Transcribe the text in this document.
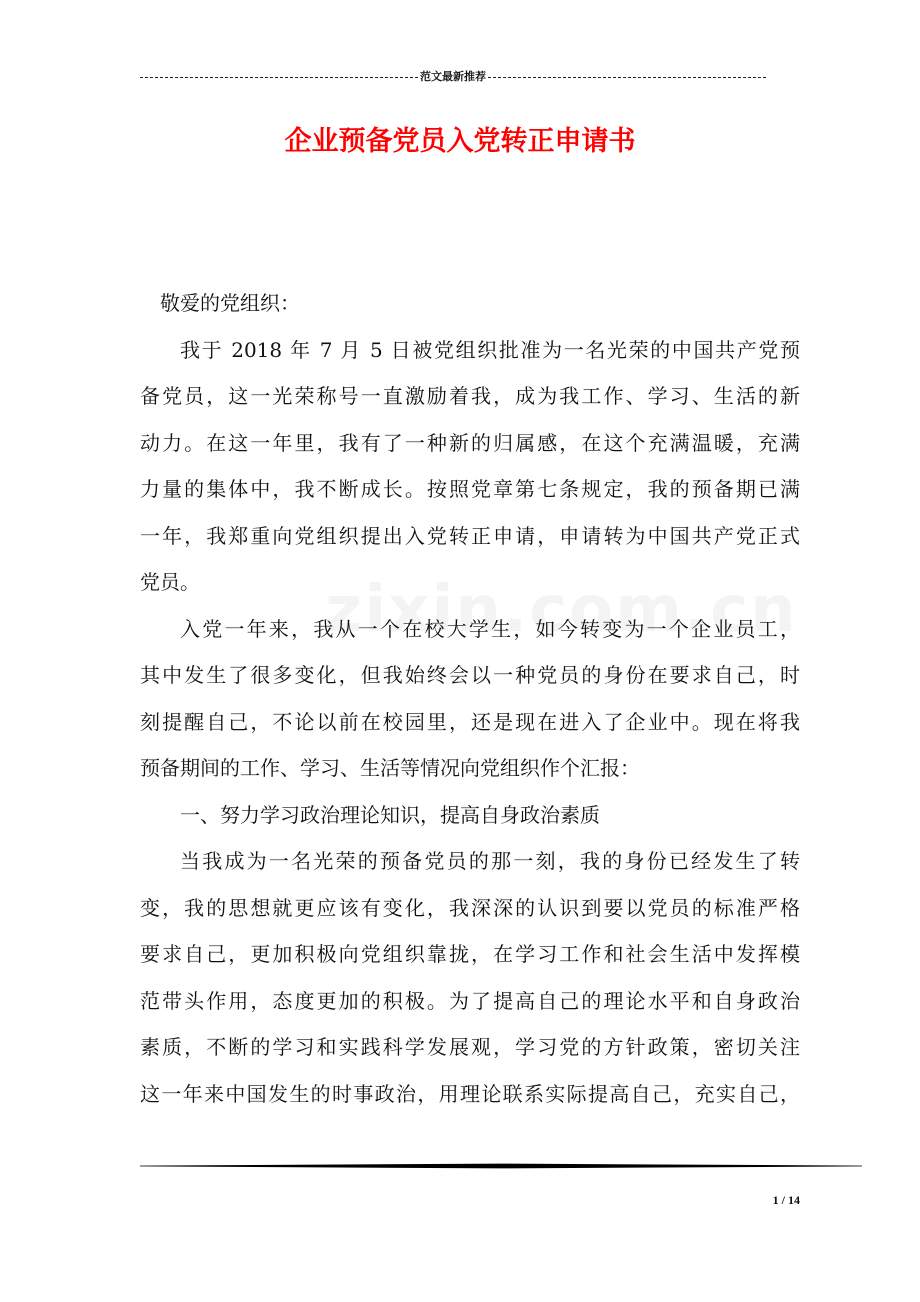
范文最新推荐
企业预备党员入党转正申请书
敬爱的党组织：
我于 2018 年 7 月 5 日被党组织批准为一名光荣的中国共产党预
备党员，这一光荣称号一直激励着我，成为我工作、学习、生活的新
动力。在这一年里，我有了一种新的归属感，在这个充满温暖，充满
力量的集体中，我不断成长。按照党章第七条规定，我的预备期已满
一年，我郑重向党组织提出入党转正申请，申请转为中国共产党正式
党员。
入党一年来，我从一个在校大学生，如今转变为一个企业员工，
其中发生了很多变化，但我始终会以一种党员的身份在要求自己，时
刻提醒自己，不论以前在校园里，还是现在进入了企业中。现在将我
预备期间的工作、学习、生活等情况向党组织作个汇报：
一、努力学习政治理论知识，提高自身政治素质
当我成为一名光荣的预备党员的那一刻，我的身份已经发生了转
变，我的思想就更应该有变化，我深深的认识到要以党员的标准严格
要求自己，更加积极向党组织靠拢，在学习工作和社会生活中发挥模
范带头作用，态度更加的积极。为了提高自己的理论水平和自身政治
素质，不断的学习和实践科学发展观，学习党的方针政策，密切关注
这一年来中国发生的时事政治，用理论联系实际提高自己，充实自己，
1 / 14
